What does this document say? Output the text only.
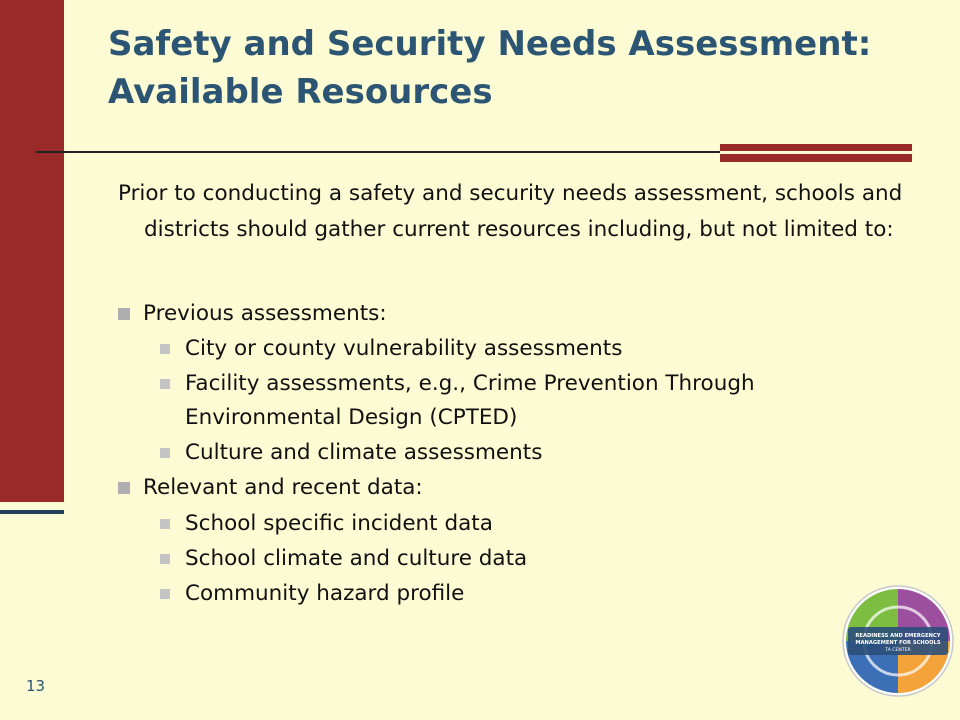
Safety and Security Needs Assessment: Available Resources

Prior to conducting a safety and security needs assessment, schools and districts should gather current resources including, but not limited to:

Previous assessments:
City or county vulnerability assessments
Facility assessments, e.g., Crime Prevention Through Environmental Design (CPTED)
Culture and climate assessments
Relevant and recent data:
School specific incident data
School climate and culture data
Community hazard profile
13
READINESS AND EMERGENCY
MANAGEMENT FOR SCHOOLS
TA CENTER
